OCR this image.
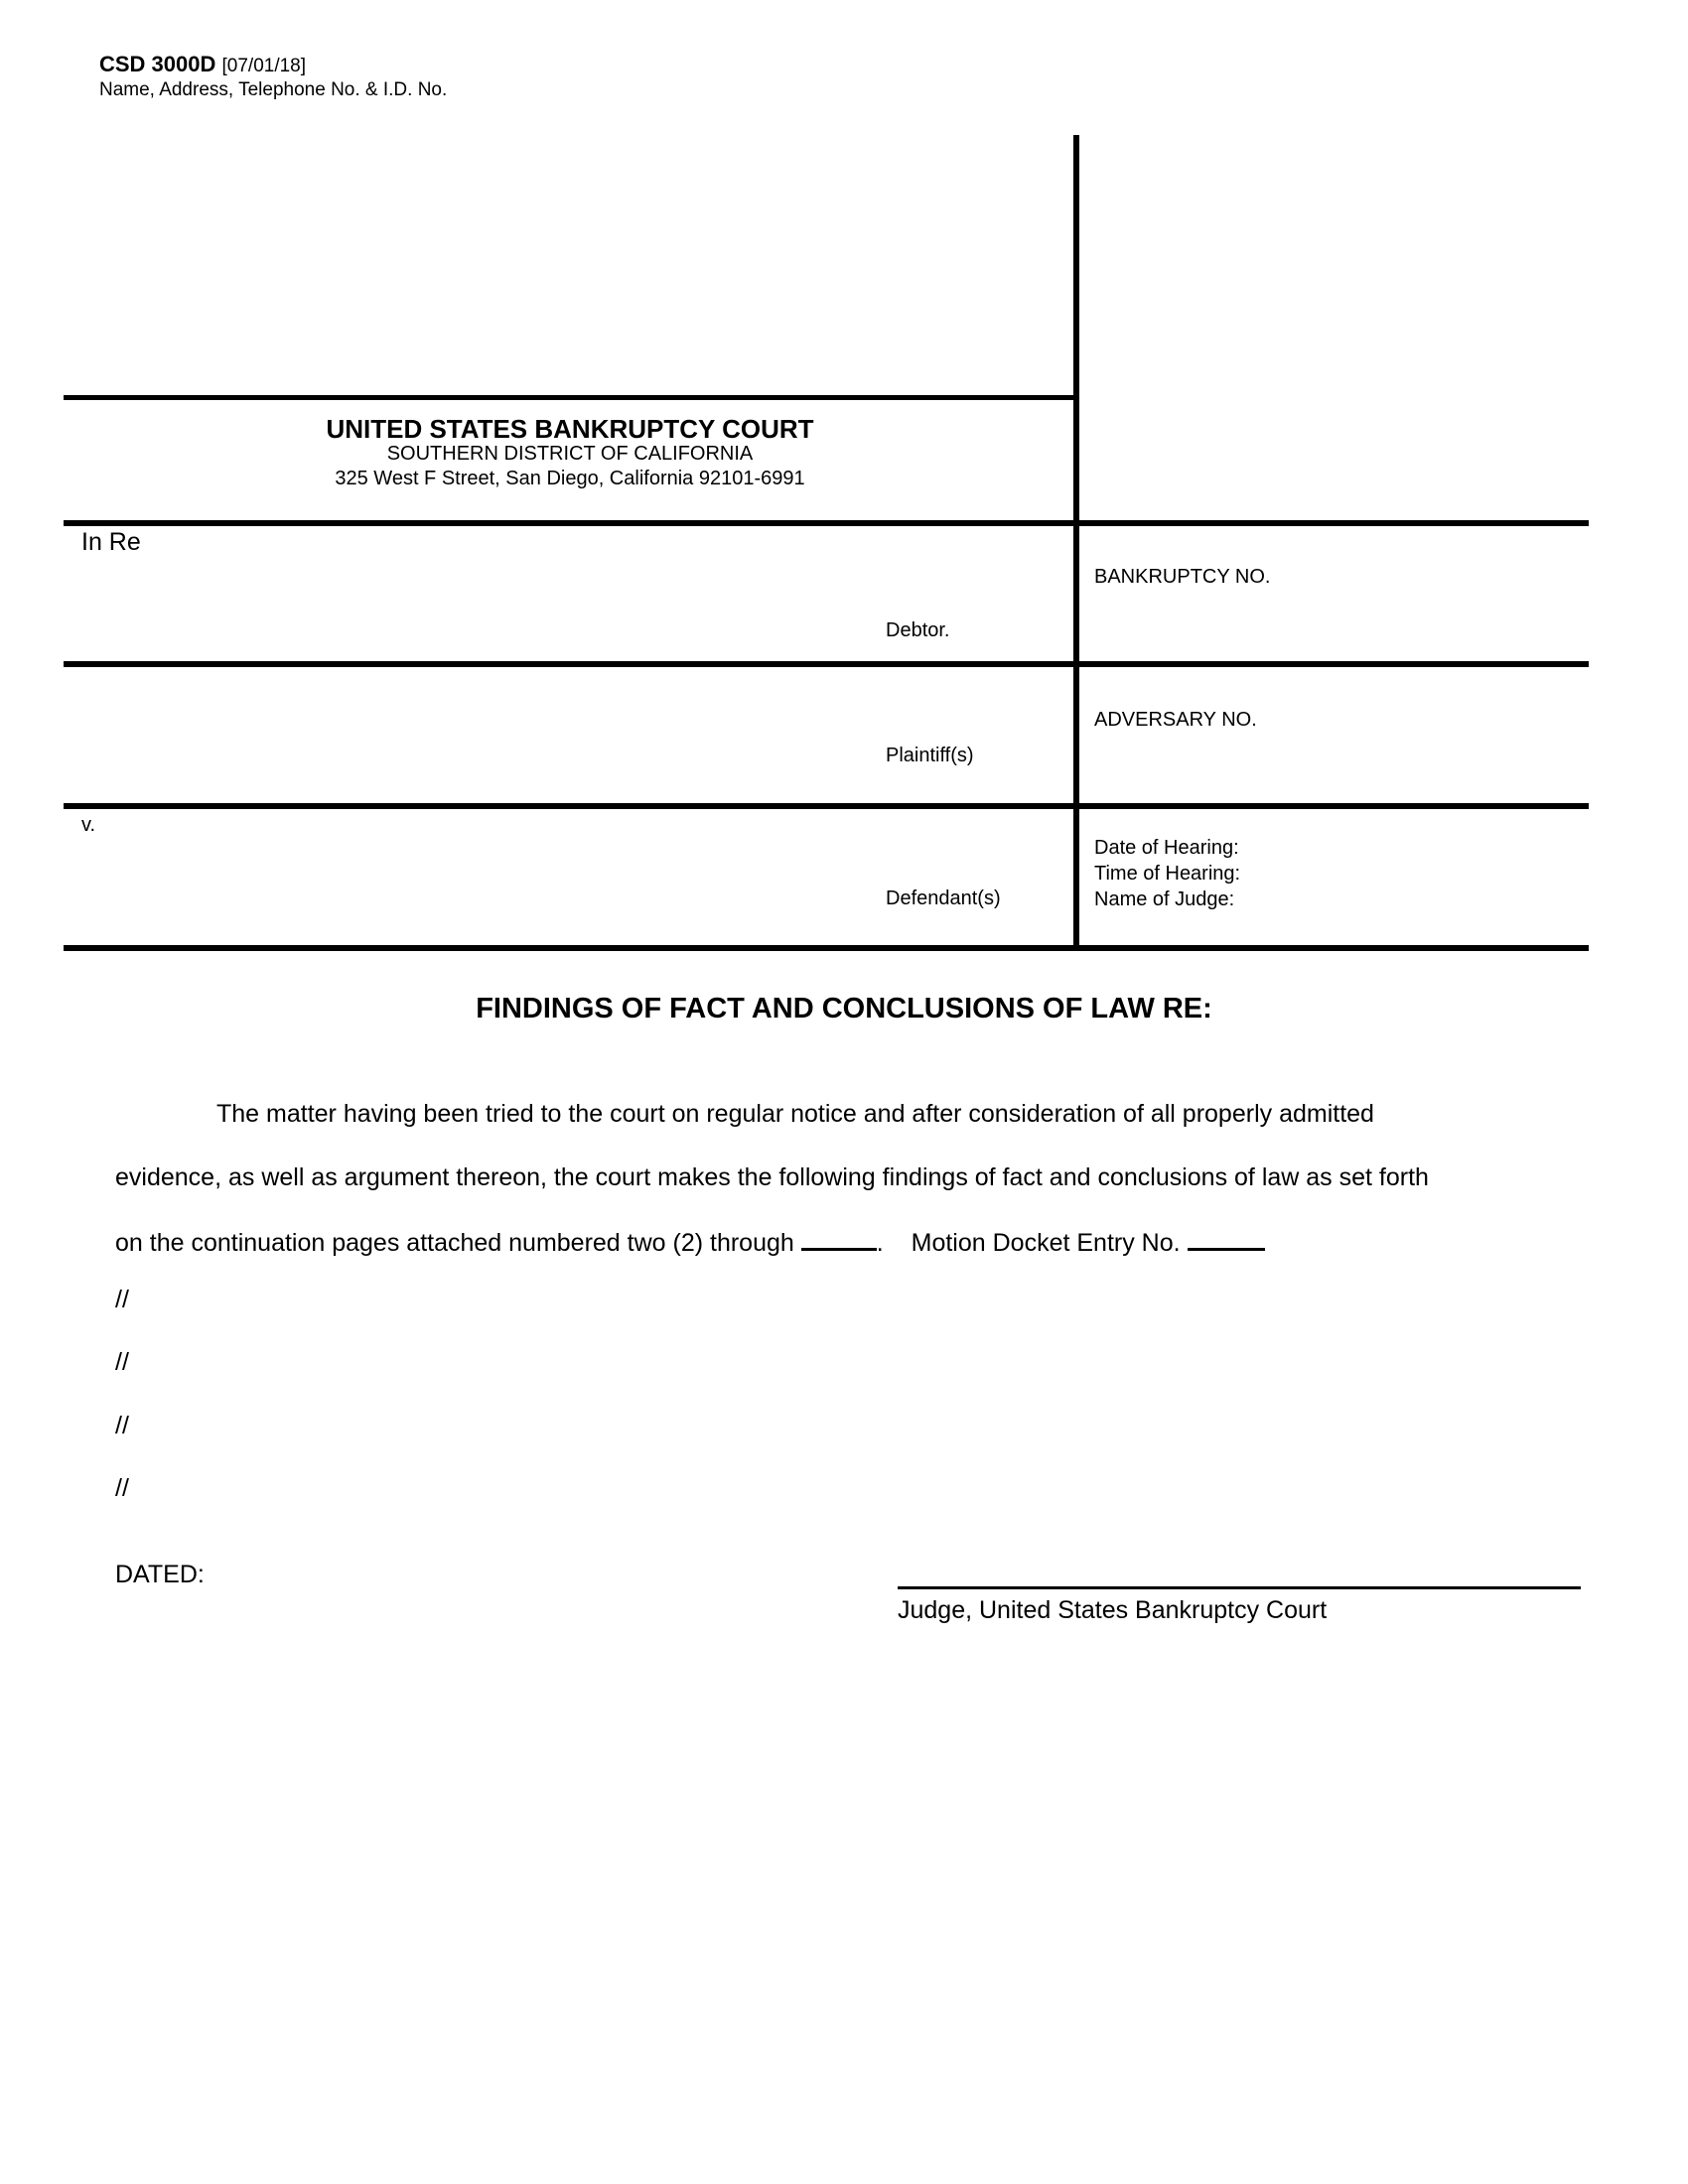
CSD 3000D [07/01/18]
Name, Address, Telephone No. & I.D. No.
UNITED STATES BANKRUPTCY COURT
SOUTHERN DISTRICT OF CALIFORNIA
325 West F Street, San Diego, California 92101-6991
In Re
Debtor.
BANKRUPTCY NO.
Plaintiff(s)
ADVERSARY NO.
v.
Defendant(s)
Date of Hearing:
Time of Hearing:
Name of Judge:
FINDINGS OF FACT AND CONCLUSIONS OF LAW RE:
The matter having been tried to the court on regular notice and after consideration of all properly admitted
evidence, as well as argument thereon, the court makes the following findings of fact and conclusions of law as set forth
on the continuation pages attached numbered two (2) through	. Motion Docket Entry No.
//
//
//
//
DATED:
Judge, United States Bankruptcy Court
